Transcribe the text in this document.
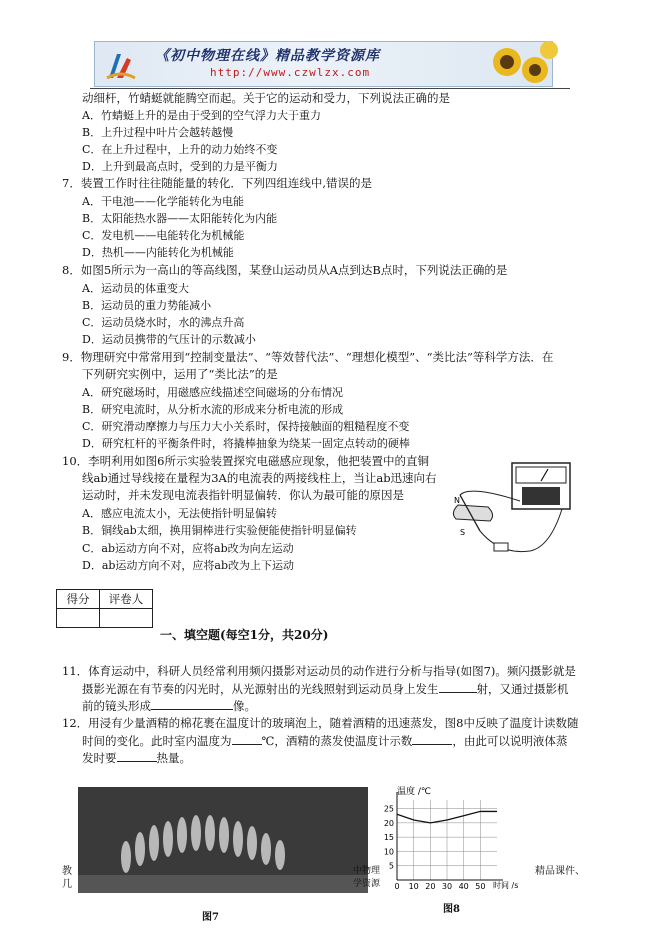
《初中物理在线》精品教学资源库
http://www.czwlzx.com
动细杆，竹蜻蜓就能腾空而起。关于它的运动和受力，下列说法正确的是
A．竹蜻蜓上升的是由于受到的空气浮力大于重力
B．上升过程中叶片会越转越慢
C．在上升过程中，上升的动力始终不变
D．上升到最高点时，受到的力是平衡力
7．装置工作时往往随能量的转化．下列四组连线中,错误的是
A．干电池——化学能转化为电能
B．太阳能热水器——太阳能转化为内能
C．发电机——电能转化为机械能
D．热机——内能转化为机械能
8．如图5所示为一高山的等高线图，某登山运动员从A点到达B点时，下列说法正确的是
A．运动员的体重变大
B．运动员的重力势能减小
C．运动员烧水时，水的沸点升高
D．运动员携带的气压计的示数减小
9．物理研究中常常用到“控制变量法”、“等效替代法”、“理想化模型”、“类比法”等科学方法．在
下列研究实例中，运用了“类比法”的是
A．研究磁场时，用磁感应线描述空间磁场的分布情况
B．研究电流时，从分析水流的形成来分析电流的形成
C．研究滑动摩擦力与压力大小关系时，保持接触面的粗糙程度不变
D．研究杠杆的平衡条件时，将撬棒抽象为绕某一固定点转动的硬棒
10．李明利用如图6所示实验装置探究电磁感应现象，他把装置中的直铜
线ab通过导线接在量程为3A的电流表的两接线柱上，当让ab迅速向右
运动时，并未发现电流表指针明显偏转．你认为最可能的原因是
A．感应电流太小，无法使指针明显偏转
B．铜线ab太细，换用铜棒进行实验便能使指针明显偏转
C．ab运动方向不对，应将ab改为向左运动
D．ab运动方向不对，应将ab改为上下运动
N
S
得分	评卷人

一、填空题(每空1分，共20分)
11．体育运动中，科研人员经常利用频闪摄影对运动员的动作进行分析与指导(如图7)。频闪摄影就是
摄影光源在有节奏的闪光时，从光源射出的光线照射到运动员身上发生	射，又通过摄影机
前的镜头形成	像。
12．用浸有少量酒精的棉花裹在温度计的玻璃泡上，随着酒精的迅速蒸发，图8中反映了温度计读数随
时间的变化。此时室内温度为	℃，酒精的蒸发使温度计示数	，由此可以说明液体蒸
发时要	热量。
教
几
中物理
学资源
精品课件、
5
10
15
20
25
0 10 20 30 40 50
温度 /℃
时间 /s
图7
图8
